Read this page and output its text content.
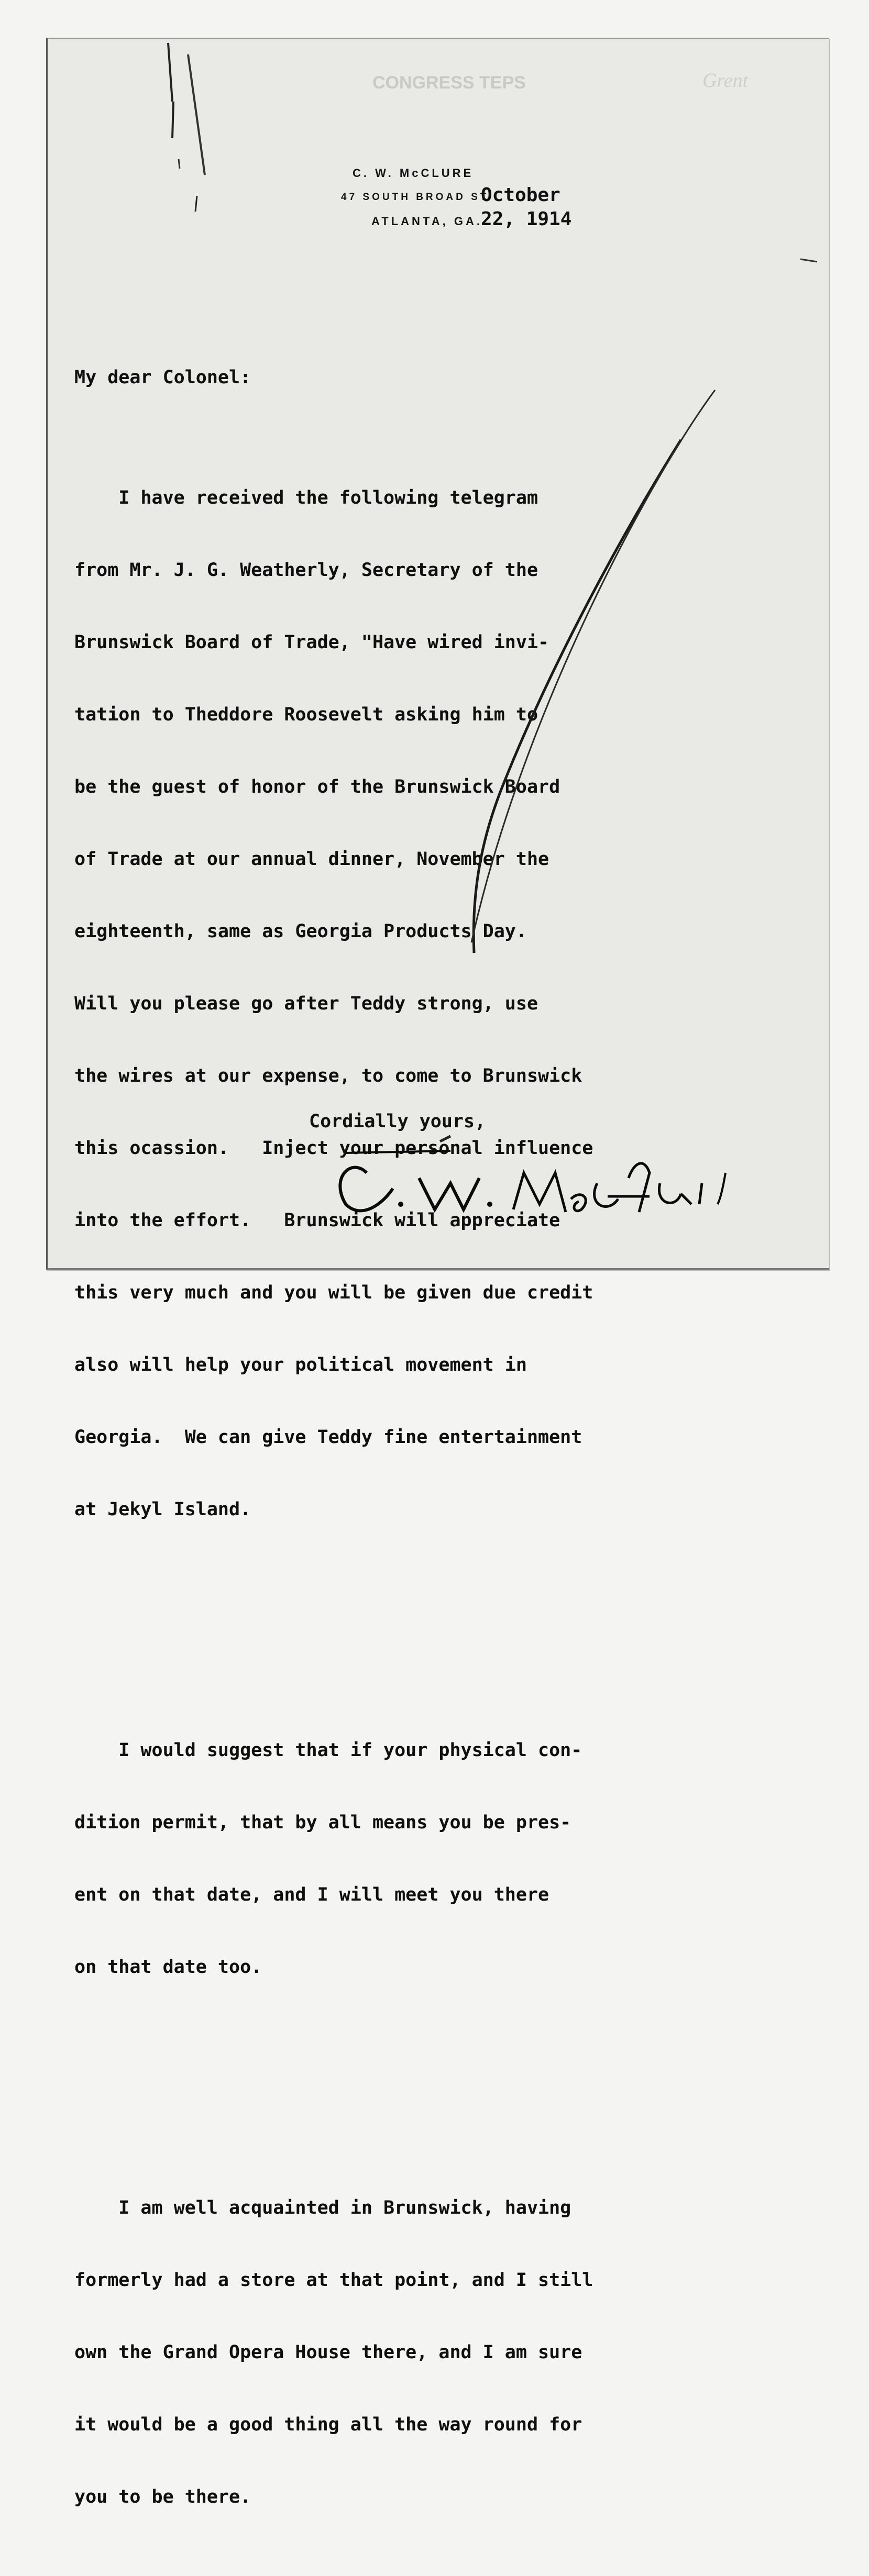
CONGRESS TEPS	Grent
C. W. McCLURE
47 SOUTH BROAD ST.
ATLANTA, GA.
October
22, 1914

My dear Colonel:

I have received the following telegram

from Mr. J. G. Weatherly, Secretary of the

Brunswick Board of Trade, "Have wired invi-

tation to Theddore Roosevelt asking him to

be the guest of honor of the Brunswick Board

of Trade at our annual dinner, November the

eighteenth, same as Georgia Products Day.

Will you please go after Teddy strong, use

the wires at our expense, to come to Brunswick

this ocassion.   Inject your personal influence

into the effort.   Brunswick will appreciate

this very much and you will be given due credit

also will help your political movement in

Georgia.  We can give Teddy fine entertainment

at Jekyl Island.

I would suggest that if your physical con-

dition permit, that by all means you be pres-

ent on that date, and I will meet you there

on that date too.

I am well acquainted in Brunswick, having

formerly had a store at that point, and I still

own the Grand Opera House there, and I am sure

it would be a good thing all the way round for

you to be there.

Cordially yours,
